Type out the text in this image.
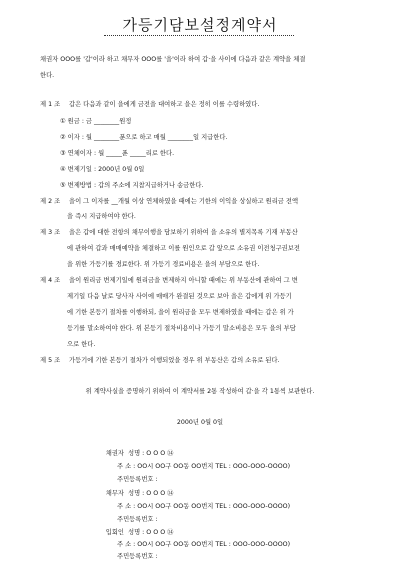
가등기담보설정계약서
채권자 OOO를 '갑'이라 하고 채무자 OOO를 '을'이라 하여 갑·을 사이에 다음과 같은 계약을 체결
한다.
제 1 조 갑은 다음과 같이 을에게 금전을 대여하고 을은 정히 이를 수령하였다.
① 원금 : 금 ________원정
② 이자 : 월 ________푼으로 하고 매월 ________일 지급한다.
③ 연체이자 : 월 _____푼 _____리로 한다.
④ 변제기일 : 2000년 0월 0일
⑤ 변제방법 : 갑의 주소에 지참지급하거나 송금한다.
제 2 조 을이 그 이자를 __개월 이상 연체하였을 때에는 기한의 이익을 상실하고 원리금 전액
을 즉시 지급하여야 한다.
제 3 조 을은 갑에 대한 전항의 채무이행을 담보하기 위하여 을 소유의 별지목록 기재 부동산
에 관하여 갑과 매매예약을 체결하고 이를 원인으로 갑 앞으로 소유권 이전청구권보전
을 위한 가등기를 경료한다. 위 가등기 경료비용은 을의 부담으로 한다.
제 4 조 을이 원리금 변제기일에 원리금을 변제하지 아니할 때에는 위 부동산에 관하여 그 변
제기일 다음 날로 당사자 사이에 매매가 완결된 것으로 보아 을은 갑에게 위 가등기
에 기한 본등기 절차를 이행하되, 을이 원리금을 모두 변제하였을 때에는 갑은 위 가
등기를 말소하여야 한다. 위 본등기 절차비용이나 가등기 말소비용은 모두 을의 부담
으로 한다.
제 5 조 가등기에 기한 본등기 절차가 이행되었을 경우 위 부동산은 갑의 소유로 된다.
위 계약사실을 증명하기 위하여 이 계약서를 2통 작성하여 갑·을 각 1통씩 보관한다.
2000년 0월 0일
채권자 성명 : O O O ㉞
주 소 : OO시 OO구 OO동 OO번지 TEL : OOO-OOO-OOOO)
주민등록번호 :
채무자 성명 : O O O ㉞
주 소 : OO시 OO구 OO동 OO번지 TEL : OOO-OOO-OOOO)
주민등록번호 :
입회인 성명 : O O O ㉞
주 소 : OO시 OO구 OO동 OO번지 TEL : OOO-OOO-OOOO)
주민등록번호 :
